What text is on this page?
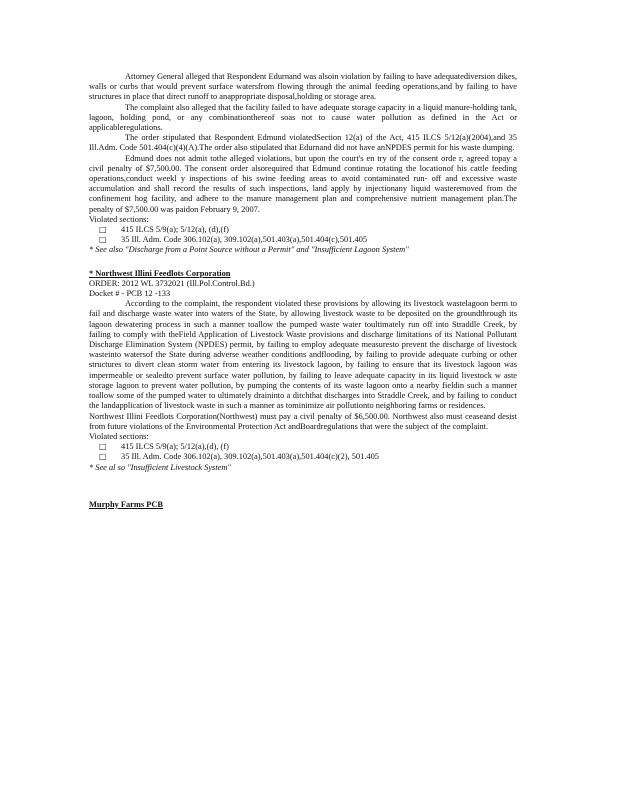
Attorney General alleged that Respondent Edurnand was alsoin violation by failing to have adequatediversion dikes, walls or curbs that would prevent surface watersfrom flowing through the animal feeding operations,and by failing to have structures in place that direct runoff to anappropriate disposal,holding or storage area.

The complaint also alleged that the facility failed to have adequate storage capacity in a liquid manure-holding tank, lagoon, holding pond, or any combinationthereof soas not to cause water pollution as defined in the Act or applicableregulations.

The order stipulated that Respondent Edmund violatedSection 12(a) of the Act, 415 ILCS 5/12(a)(2004),and 35 Ill.Adm. Code 501.404(c)(4)(A).The order also stipulated that Edurnand did not have anNPDES permit for his waste dumping.

Edmund does not admit tothe alleged violations, but upon the court's en try of the consent orde r, agreed topay a civil penalty of $7,500.00. The consent order alsorequired that Edmund continue rotating the locationof his cattle feeding operations,conduct weekl y inspections of his swine feeding areas to avoid contaminated run- off and excessive waste accumulation and shall record the results of such inspections, land apply by injectionany liquid wasteremoved from the confinement hog facility, and adhere to the manure management plan and comprehensive nutrient management plan.The penalty of $7,500.00 was paidon February 9, 2007.

Violated sections:

□	415 ILCS 5/9(a); 5/12(a), (d),(f)
□	35 Ill. Adm. Code 306.102(a), 309.102(a),501.403(a),501.404(c),501.405

* See also "Discharge from a Point Source without a Permit" and "Insufficient Lagoon System"

* Northwest Illini Feedlots Corporation

ORDER: 2012 WL 3732021 (Ill.Pol.Control.Bd.)

Docket # - PCB 12 -133

According to the complaint, the respondent violated these provisions by allowing its livestock wastelagoon berm to fail and discharge waste water into waters of the State, by allowing livestock waste to be deposited on the groundthrough its lagoon dewatering process in such a manner toallow the pumped waste water toultimately run off into Straddle Creek, by failing to comply with theField Application of Livestock Waste provisions and discharge limitations of its National Pollutant Discharge Elimination System (NPDES) permit, by failing to employ adequate measuresto prevent the discharge of livestock wasteinto watersof the State during adverse weather conditions andflooding, by failing to provide adequate curbing or other structures to divert clean storm water from entering its livestock lagoon, by failing to ensure that its livestock lagoon was impermeable or sealedto prevent surface water pollution, by failing to leave adequate capacity in its liquid livestock w aste storage lagoon to prevent water pollution, by pumping the contents of its waste lagoon onto a nearby fieldin such a manner toallow some of the pumped water to ultimately draininto a ditchthat discharges into Straddle Creek, and by failing to conduct the landapplication of livestock waste in such a manner as tominimize air pollutionto neighboring farms or residences.

Northwest Illini Feedlots Corporation(Northwest) must pay a civil penalty of $6,500.00. Northwest also must ceaseand desist from future violations of the Environmental Protection Act andBoardregulations that were the subject of the complaint.

Violated sections:

□	415 ILCS 5/9(a); 5/12(a),(d), (f)
□	35 Ill. Adm. Code 306.102(a), 309.102(a),501.403(a),501.404(c)(2), 501.405

* See al so "Insufficient Livestock System"

Murphy Farms PCB
